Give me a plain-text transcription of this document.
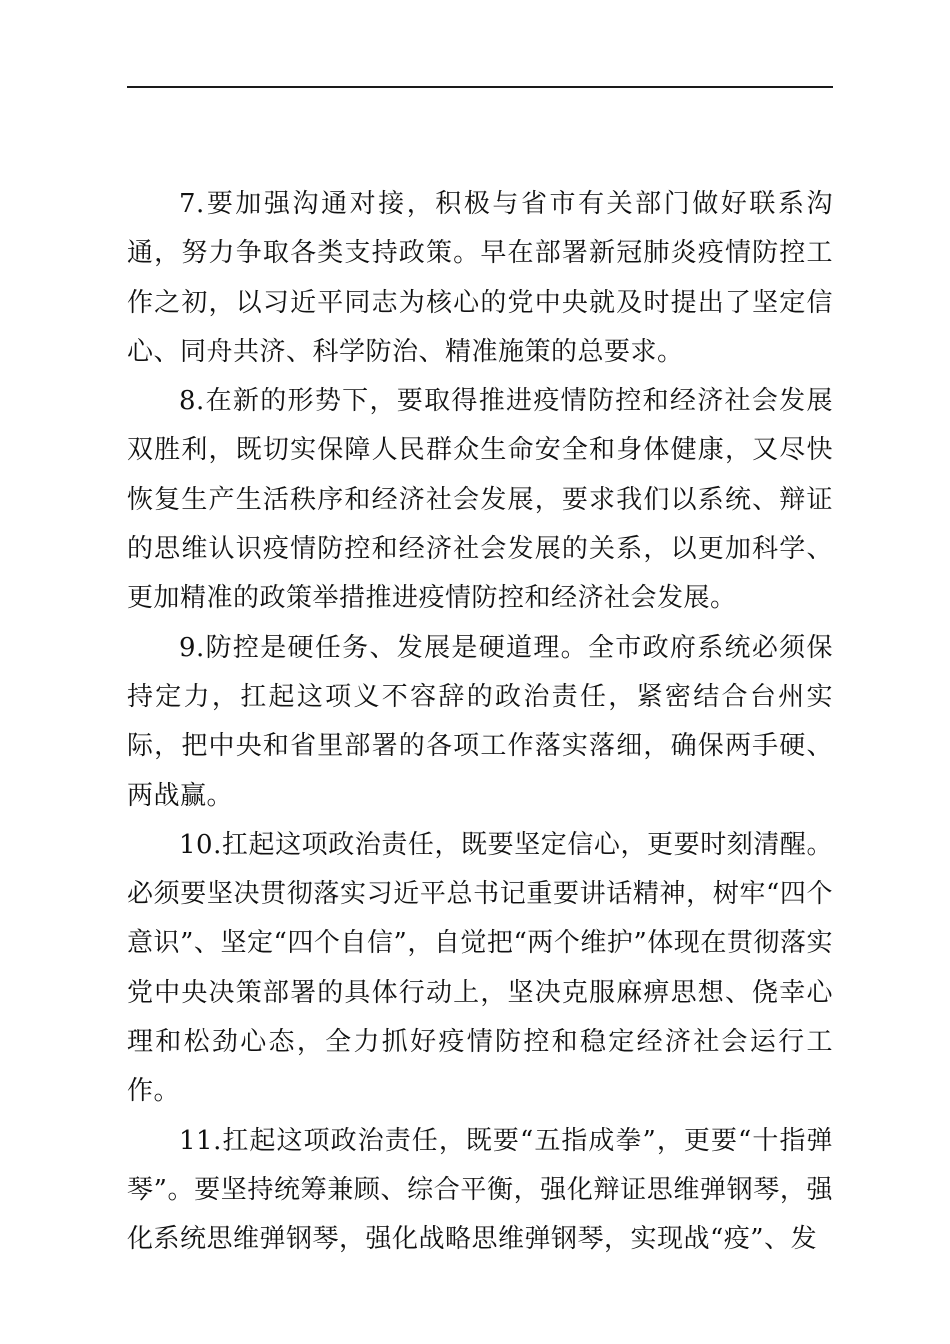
7.要加强沟通对接，积极与省市有关部门做好联系沟通，努力争取各类支持政策。早在部署新冠肺炎疫情防控工作之初，以习近平同志为核心的党中央就及时提出了坚定信心、同舟共济、科学防治、精准施策的总要求。

8.在新的形势下，要取得推进疫情防控和经济社会发展双胜利，既切实保障人民群众生命安全和身体健康，又尽快恢复生产生活秩序和经济社会发展，要求我们以系统、辩证的思维认识疫情防控和经济社会发展的关系，以更加科学、更加精准的政策举措推进疫情防控和经济社会发展。

9.防控是硬任务、发展是硬道理。全市政府系统必须保持定力，扛起这项义不容辞的政治责任，紧密结合台州实际，把中央和省里部署的各项工作落实落细，确保两手硬、两战赢。

10.扛起这项政治责任，既要坚定信心，更要时刻清醒。必须要坚决贯彻落实习近平总书记重要讲话精神，树牢“四个意识”、坚定“四个自信”，自觉把“两个维护”体现在贯彻落实党中央决策部署的具体行动上，坚决克服麻痹思想、侥幸心理和松劲心态，全力抓好疫情防控和稳定经济社会运行工作。

11.扛起这项政治责任，既要“五指成拳”，更要“十指弹琴”。要坚持统筹兼顾、综合平衡，强化辩证思维弹钢琴，强化系统思维弹钢琴，强化战略思维弹钢琴，实现战“疫”、发
